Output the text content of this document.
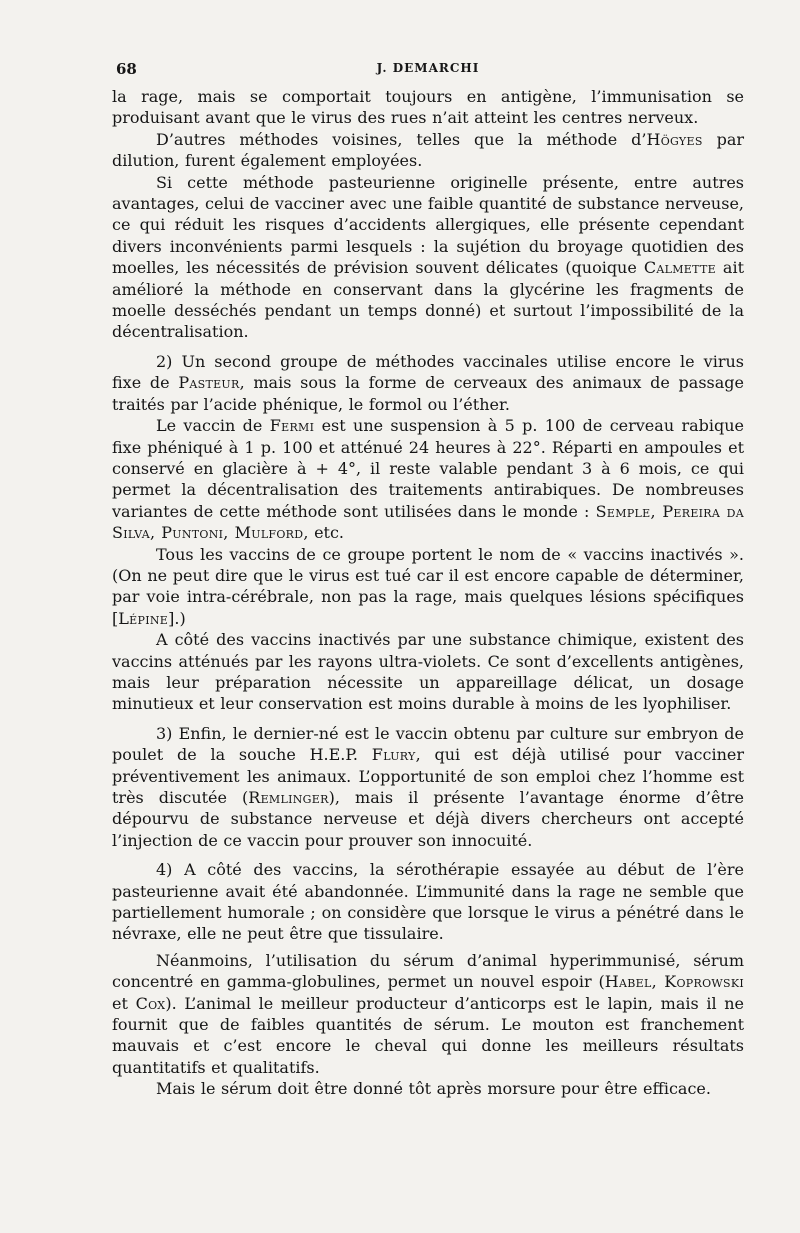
68	J. DEMARCHI

la rage, mais se comportait toujours en antigène, l’immunisation se produisant avant que le virus des rues n’ait atteint les centres nerveux.

D’autres méthodes voisines, telles que la méthode d’Högyes par dilution, furent également employées.

Si cette méthode pasteurienne originelle présente, entre autres avantages, celui de vacciner avec une faible quantité de substance nerveuse, ce qui réduit les risques d’accidents allergiques, elle présente cependant divers inconvénients parmi lesquels : la sujétion du broyage quotidien des moelles, les nécessités de prévision souvent délicates (quoique Calmette ait amélioré la méthode en conservant dans la glycérine les fragments de moelle desséchés pendant un temps donné) et surtout l’impossibilité de la décentralisation.

2) Un second groupe de méthodes vaccinales utilise encore le virus fixe de Pasteur, mais sous la forme de cerveaux des animaux de passage traités par l’acide phénique, le formol ou l’éther.

Le vaccin de Fermi est une suspension à 5 p. 100 de cerveau rabique fixe phéniqué à 1 p. 100 et atténué 24 heures à 22°. Réparti en ampoules et conservé en glacière à + 4°, il reste valable pendant 3 à 6 mois, ce qui permet la décentralisation des traitements antirabiques. De nombreuses variantes de cette méthode sont utilisées dans le monde : Semple, Pereira da Silva, Puntoni, Mulford, etc.

Tous les vaccins de ce groupe portent le nom de « vaccins inactivés ». (On ne peut dire que le virus est tué car il est encore capable de déterminer, par voie intra-cérébrale, non pas la rage, mais quelques lésions spécifiques [Lépine].)

A côté des vaccins inactivés par une substance chimique, existent des vaccins atténués par les rayons ultra-violets. Ce sont d’excellents antigènes, mais leur préparation nécessite un appareillage délicat, un dosage minutieux et leur conservation est moins durable à moins de les lyophiliser.

3) Enfin, le dernier-né est le vaccin obtenu par culture sur embryon de poulet de la souche H.E.P. Flury, qui est déjà utilisé pour vacciner préventivement les animaux. L’opportunité de son emploi chez l’homme est très discutée (Remlinger), mais il présente l’avantage énorme d’être dépourvu de substance nerveuse et déjà divers chercheurs ont accepté l’injection de ce vaccin pour prouver son innocuité.

4) A côté des vaccins, la sérothérapie essayée au début de l’ère pasteurienne avait été abandonnée. L’immunité dans la rage ne semble que partiellement humorale ; on considère que lorsque le virus a pénétré dans le névraxe, elle ne peut être que tissulaire.

Néanmoins, l’utilisation du sérum d’animal hyperimmunisé, sérum concentré en gamma-globulines, permet un nouvel espoir (Habel, Koprowski et Cox). L’animal le meilleur producteur d’anticorps est le lapin, mais il ne fournit que de faibles quantités de sérum. Le mouton est franchement mauvais et c’est encore le cheval qui donne les meilleurs résultats quantitatifs et qualitatifs.

Mais le sérum doit être donné tôt après morsure pour être efficace.
